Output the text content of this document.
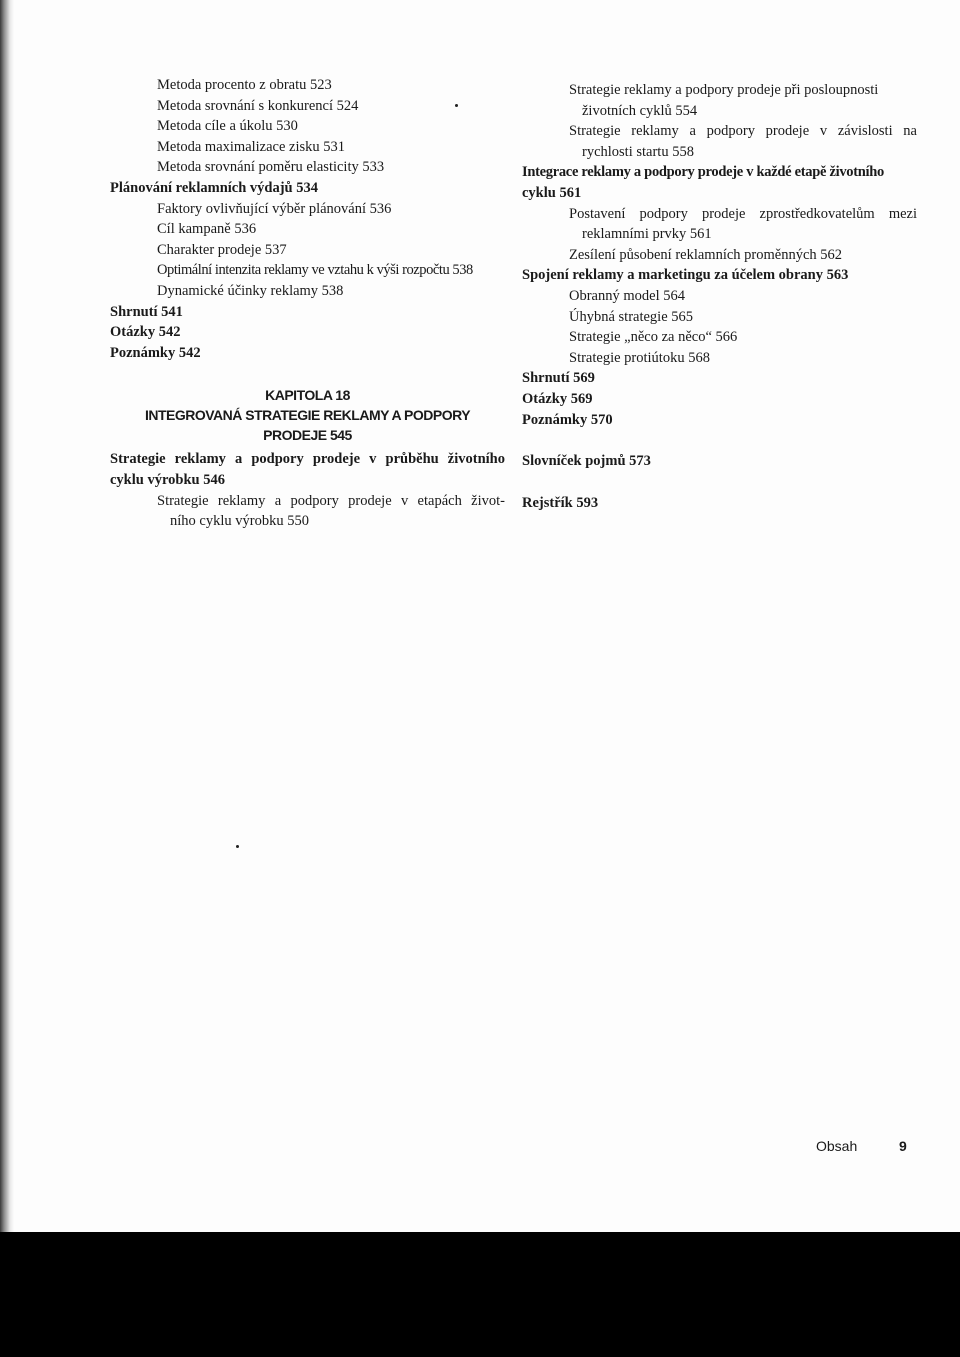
Metoda procento z obratu 523
Metoda srovnání s konkurencí 524
Metoda cíle a úkolu 530
Metoda maximalizace zisku 531
Metoda srovnání poměru elasticity 533
Plánování reklamních výdajů 534
Faktory ovlivňující výběr plánování 536
Cíl kampaně 536
Charakter prodeje 537
Optimální intenzita reklamy ve vztahu k výši rozpočtu 538
Dynamické účinky reklamy 538
Shrnutí 541
Otázky 542
Poznámky 542
KAPITOLA 18
INTEGROVANÁ STRATEGIE REKLAMY A PODPORY
PRODEJE 545
Strategie reklamy a podpory prodeje v průběhu životního
cyklu výrobku 546
Strategie reklamy a podpory prodeje v etapách život-
ního cyklu výrobku 550
Strategie reklamy a podpory prodeje při posloupnosti
životních cyklů 554
Strategie reklamy a podpory prodeje v závislosti na
rychlosti startu 558
Integrace reklamy a podpory prodeje v každé etapě životního
cyklu 561
Postavení podpory prodeje zprostředkovatelům mezi
reklamními prvky 561
Zesílení působení reklamních proměnných 562
Spojení reklamy a marketingu za účelem obrany 563
Obranný model 564
Úhybná strategie 565
Strategie „něco za něco“ 566
Strategie protiútoku 568
Shrnutí 569
Otázky 569
Poznámky 570
Slovníček pojmů 573
Rejstřík 593
Obsah	9
